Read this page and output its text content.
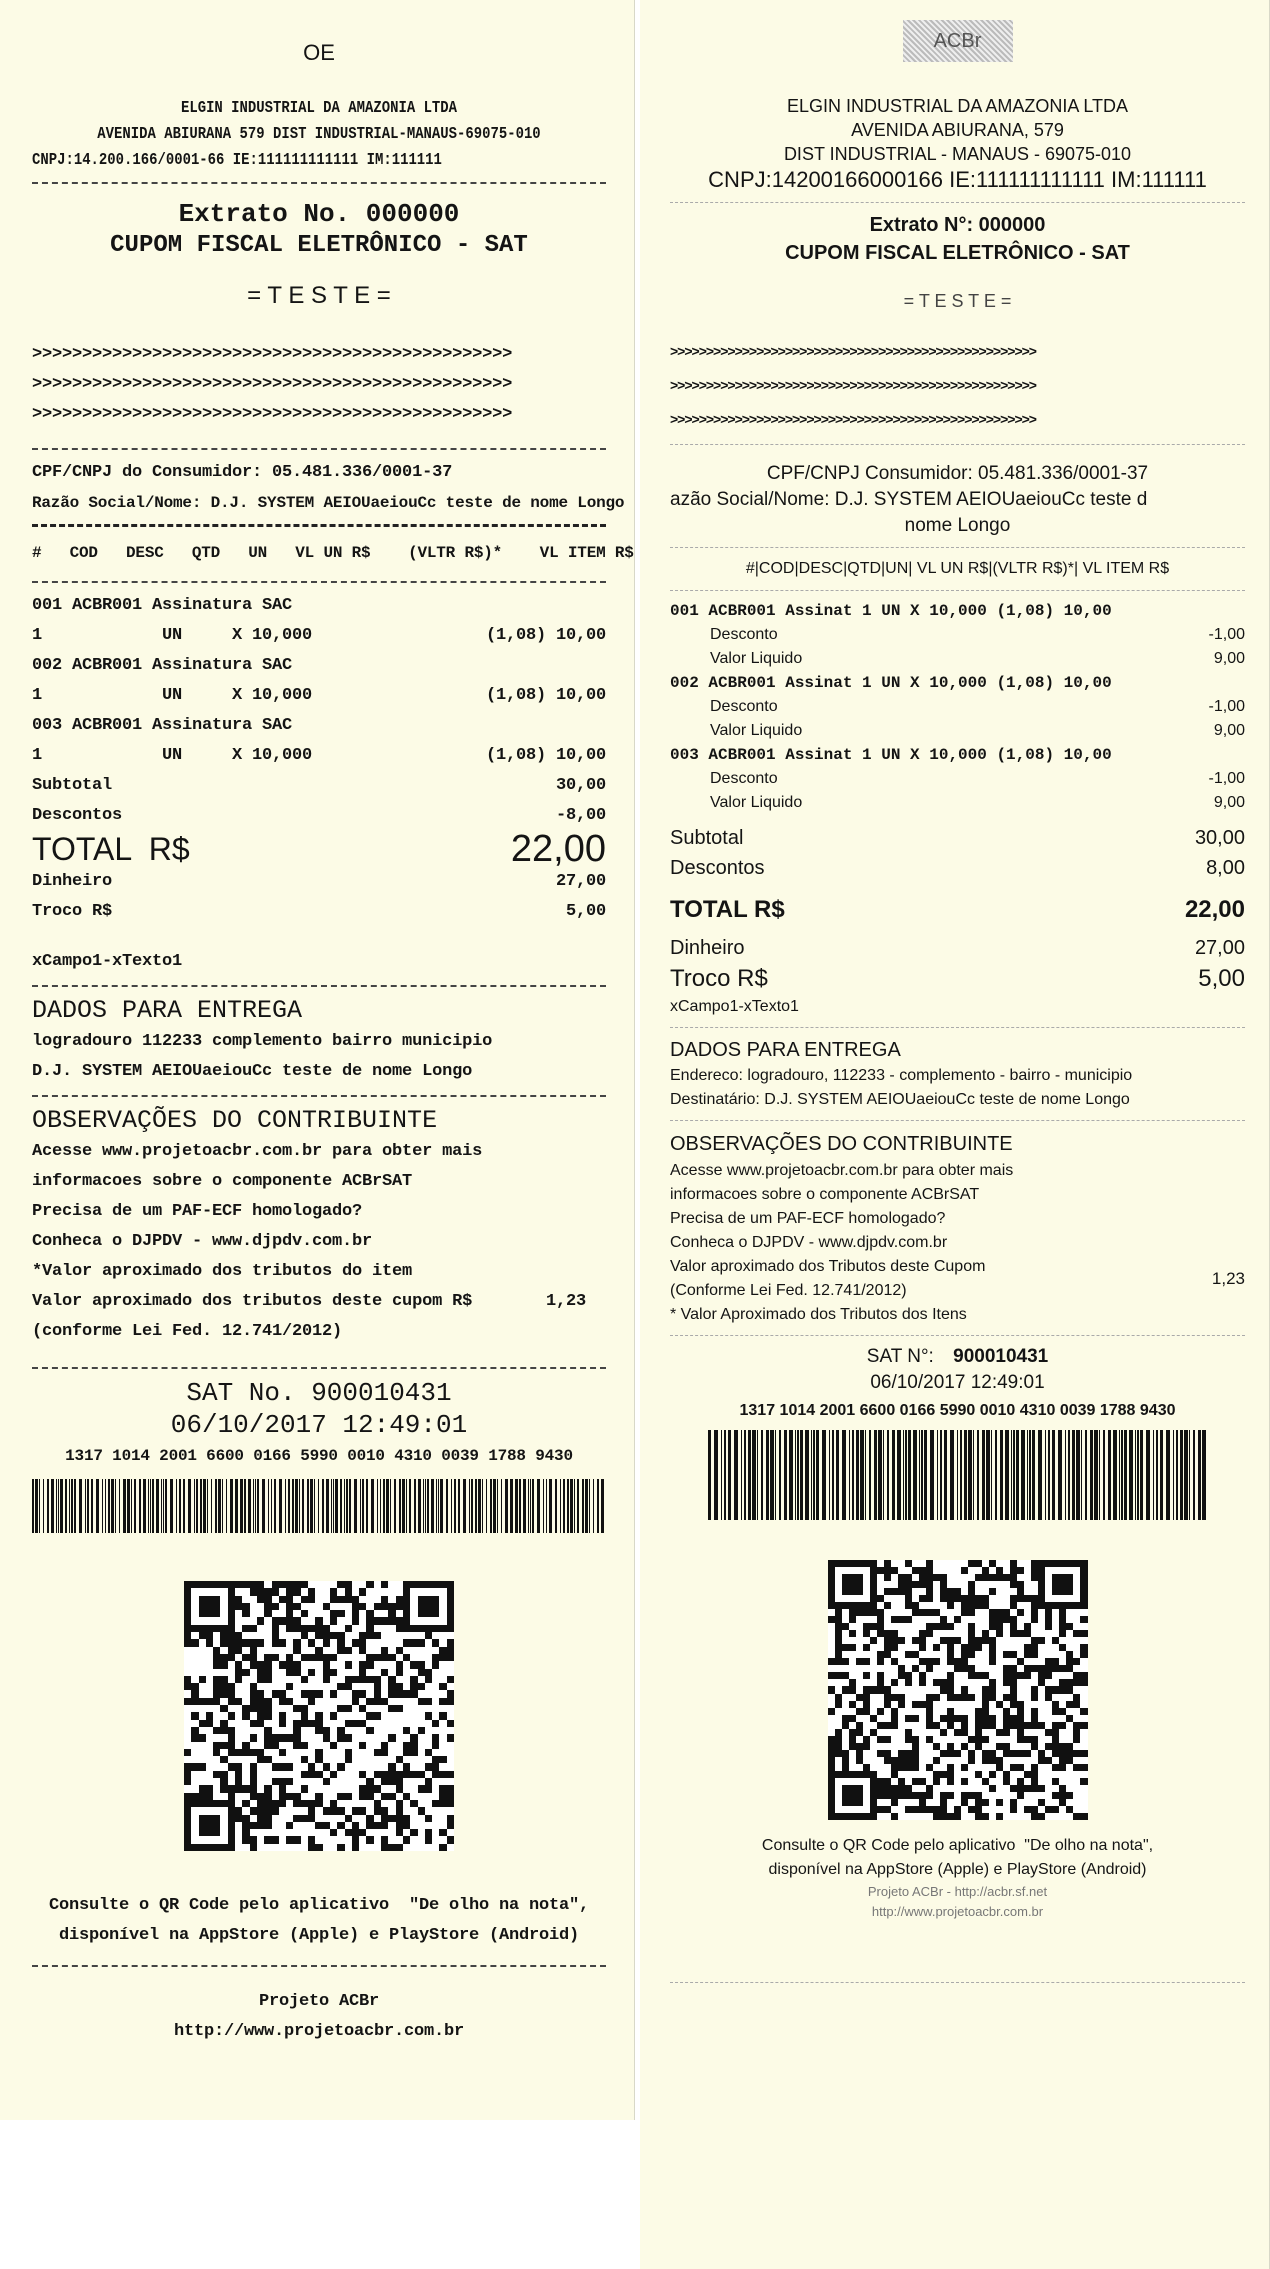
OE
ELGIN INDUSTRIAL DA AMAZONIA LTDA
AVENIDA ABIURANA 579 DIST INDUSTRIAL-MANAUS-69075-010
CNPJ:14.200.166/0001-66 IE:111111111111 IM:111111
Extrato No. 000000
CUPOM FISCAL ELETRÔNICO - SAT
= T E S T E =
>>>>>>>>>>>>>>>>>>>>>>>>>>>>>>>>>>>>>>>>>>>>>>>>
>>>>>>>>>>>>>>>>>>>>>>>>>>>>>>>>>>>>>>>>>>>>>>>>
>>>>>>>>>>>>>>>>>>>>>>>>>>>>>>>>>>>>>>>>>>>>>>>>
CPF/CNPJ do Consumidor: 05.481.336/0001-37
Razão Social/Nome: D.J. SYSTEM AEIOUaeiouCc teste de nome Longo
#   COD   DESC   QTD   UN   VL UN R$    (VLTR R$)*    VL ITEM R$
001 ACBR001 Assinatura SAC
1	UN	X 10,000	(1,08) 10,00
002 ACBR001 Assinatura SAC
1	UN	X 10,000	(1,08) 10,00
003 ACBR001 Assinatura SAC
1	UN	X 10,000	(1,08) 10,00
Subtotal	30,00
Descontos	-8,00
TOTAL  R$	22,00
Dinheiro	27,00
Troco R$	5,00
xCampo1-xTexto1
DADOS PARA ENTREGA
logradouro 112233 complemento bairro municipio
D.J. SYSTEM AEIOUaeiouCc teste de nome Longo
OBSERVAÇÕES DO CONTRIBUINTE
Acesse www.projetoacbr.com.br para obter mais
informacoes sobre o componente ACBrSAT
Precisa de um PAF-ECF homologado?
Conheca o DJPDV - www.djpdv.com.br
*Valor aproximado dos tributos do item
Valor aproximado dos tributos deste cupom R$	1,23
(conforme Lei Fed. 12.741/2012)
SAT No. 900010431
06/10/2017 12:49:01
1317 1014 2001 6600 0166 5990 0010 4310 0039 1788 9430
Consulte o QR Code pelo aplicativo  "De olho na nota",
disponível na AppStore (Apple) e PlayStore (Android)
Projeto ACBr
http://www.projetoacbr.com.br
ACBr
ELGIN INDUSTRIAL DA AMAZONIA LTDA
AVENIDA ABIURANA, 579
DIST INDUSTRIAL - MANAUS - 69075-010
CNPJ:14200166000166 IE:111111111111 IM:111111
Extrato N°: 000000
CUPOM FISCAL ELETRÔNICO - SAT
= T E S T E =
>>>>>>>>>>>>>>>>>>>>>>>>>>>>>>>>>>>>>>>>>>>>>>>>>>>
>>>>>>>>>>>>>>>>>>>>>>>>>>>>>>>>>>>>>>>>>>>>>>>>>>>
>>>>>>>>>>>>>>>>>>>>>>>>>>>>>>>>>>>>>>>>>>>>>>>>>>>
CPF/CNPJ Consumidor: 05.481.336/0001-37
azão Social/Nome: D.J. SYSTEM AEIOUaeiouCc teste d
nome Longo
#|COD|DESC|QTD|UN| VL UN R$|(VLTR R$)*| VL ITEM R$
001 ACBR001 Assinat 1 UN X 10,000 (1,08) 10,00
Desconto	-1,00
Valor Liquido	9,00
002 ACBR001 Assinat 1 UN X 10,000 (1,08) 10,00
Desconto	-1,00
Valor Liquido	9,00
003 ACBR001 Assinat 1 UN X 10,000 (1,08) 10,00
Desconto	-1,00
Valor Liquido	9,00
Subtotal	30,00
Descontos	8,00
TOTAL R$	22,00
Dinheiro	27,00
Troco R$	5,00
xCampo1-xTexto1
DADOS PARA ENTREGA
Endereco: logradouro, 112233 - complemento - bairro - municipio
Destinatário: D.J. SYSTEM AEIOUaeiouCc teste de nome Longo
OBSERVAÇÕES DO CONTRIBUINTE
Acesse www.projetoacbr.com.br para obter mais
informacoes sobre o componente ACBrSAT
Precisa de um PAF-ECF homologado?
Conheca o DJPDV - www.djpdv.com.br
Valor aproximado dos Tributos deste Cupom
(Conforme Lei Fed. 12.741/2012)
1,23
* Valor Aproximado dos Tributos dos Itens
SAT N°: 900010431
06/10/2017 12:49:01
1317 1014 2001 6600 0166 5990 0010 4310 0039 1788 9430
Consulte o QR Code pelo aplicativo  "De olho na nota",
disponível na AppStore (Apple) e PlayStore (Android)
Projeto ACBr - http://acbr.sf.net
http://www.projetoacbr.com.br
